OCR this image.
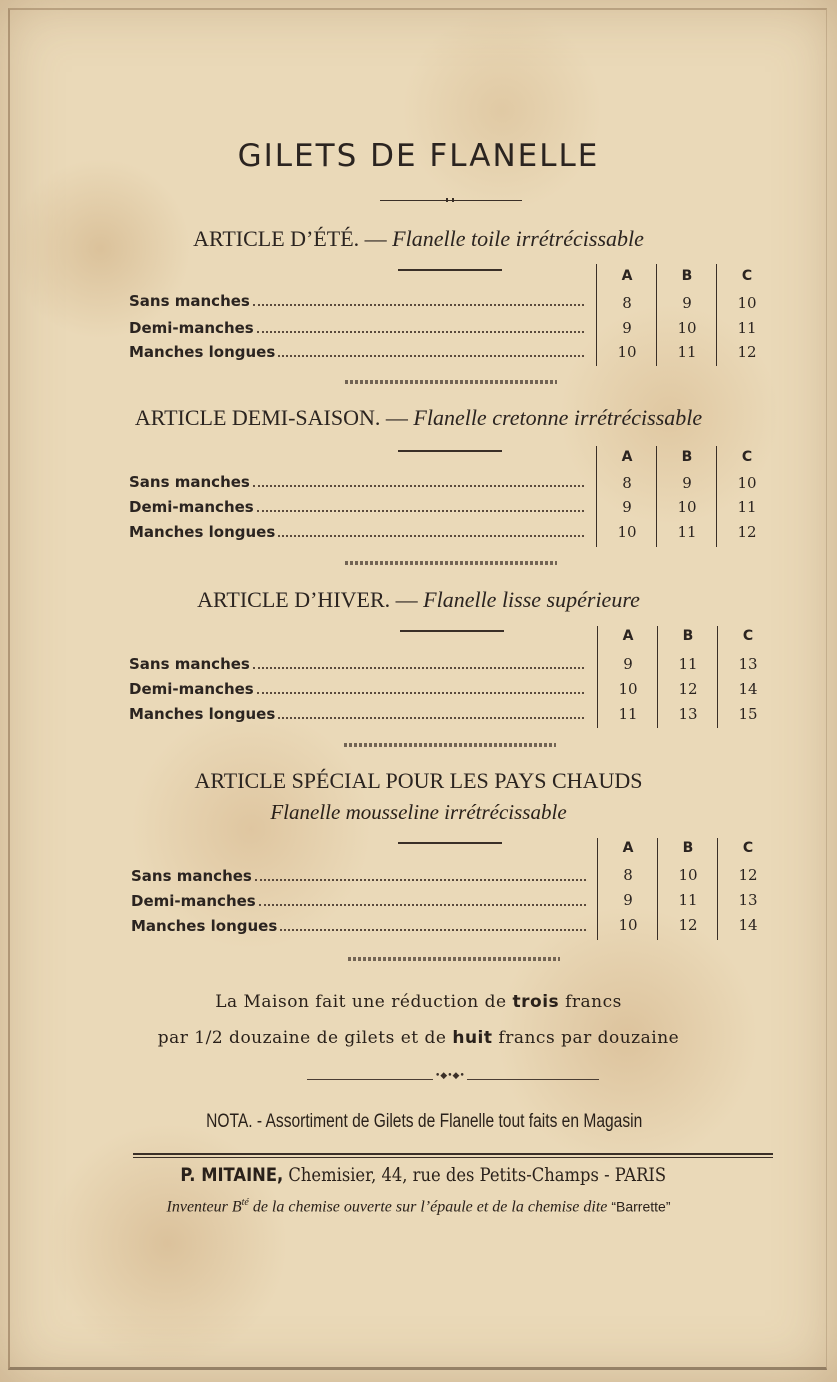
GILETS DE FLANELLE
ARTICLE D’ÉTÉ. — Flanelle toile irrétrécissable
A	B	C
Sans manches	8	9	10
Demi-manches	9	10	11
Manches longues	10	11	12
ARTICLE DEMI-SAISON. — Flanelle cretonne irrétrécissable
A	B	C
Sans manches	8	9	10
Demi-manches	9	10	11
Manches longues	10	11	12
ARTICLE D’HIVER. — Flanelle lisse supérieure
A	B	C
Sans manches	9	11	13
Demi-manches	10	12	14
Manches longues	11	13	15
ARTICLE SPÉCIAL POUR LES PAYS CHAUDS
Flanelle mousseline irrétrécissable
A	B	C
Sans manches	8	10	12
Demi-manches	9	11	13
Manches longues	10	12	14
La Maison fait une réduction de trois francs
par 1/2 douzaine de gilets et de huit francs par douzaine
•◆•◆•
NOTA. - Assortiment de Gilets de Flanelle tout faits en Magasin
P. MITAINE, Chemisier, 44, rue des Petits-Champs - PARIS
Inventeur $B^{té}$ de la chemise ouverte sur l’épaule et de la chemise dite “Barrette”
